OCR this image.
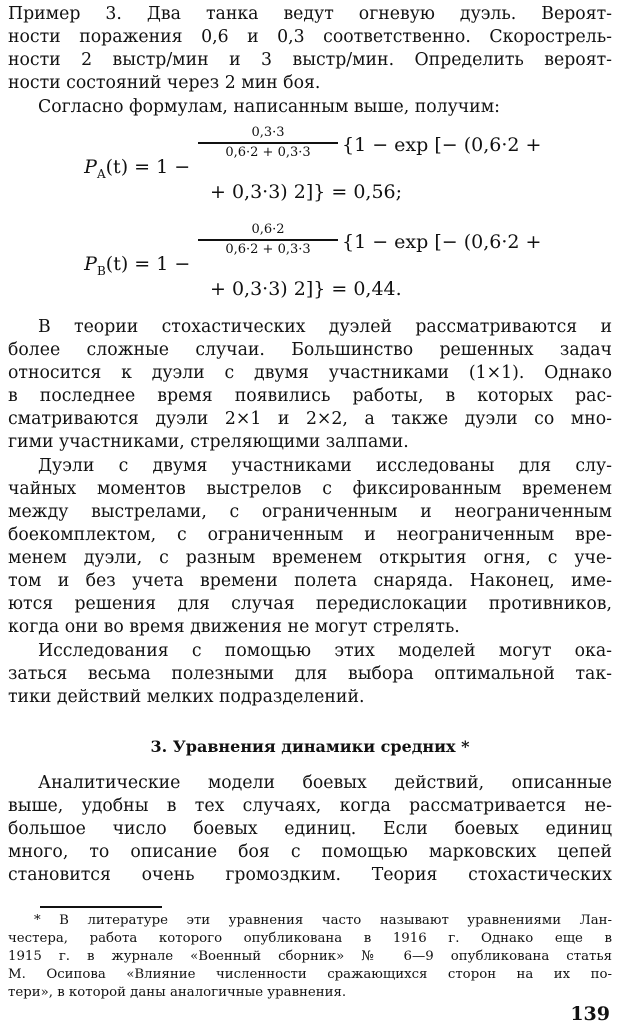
Пример 3. Два танка ведут огневую дуэль. Вероят-
ности поражения 0,6 и 0,3 соответственно. Скорострель-
ности 2 выстр/мин и 3 выстр/мин. Определить вероят-
ности состояний через 2 мин боя.
Согласно формулам, написанным выше, получим:

$P_A(t) = 1$ −

0,3·3
0,6·2 + 0,3·3	{1 − exp [− (0,6·2 +
+ 0,3·3) 2]} = 0,56;

$P_B(t) = 1$ −

0,6·2
0,6·2 + 0,3·3	{1 − exp [− (0,6·2 +
+ 0,3·3) 2]} = 0,44.
В теории стохастических дуэлей рассматриваются и
более сложные случаи. Большинство решенных задач
относится к дуэли с двумя участниками (1×1). Однако
в последнее время появились работы, в которых рас-
сматриваются дуэли 2×1 и 2×2, а также дуэли со мно-
гими участниками, стреляющими залпами.
Дуэли с двумя участниками исследованы для слу-
чайных моментов выстрелов с фиксированным временем
между выстрелами, с ограниченным и неограниченным
боекомплектом, с ограниченным и неограниченным вре-
менем дуэли, с разным временем открытия огня, с уче-
том и без учета времени полета снаряда. Наконец, име-
ются решения для случая передислокации противников,
когда они во время движения не могут стрелять.
Исследования с помощью этих моделей могут ока-
заться весьма полезными для выбора оптимальной так-
тики действий мелких подразделений.
3. Уравнения динамики средних *
Аналитические модели боевых действий, описанные
выше, удобны в тех случаях, когда рассматривается не-
большое число боевых единиц. Если боевых единиц
много, то описание боя с помощью марковских цепей
становится очень громоздким. Теория стохастических
* В литературе эти уравнения часто называют уравнениями Лан-
честера, работа которого опубликована в 1916 г. Однако еще в
1915 г. в журнале «Военный сборник» № 6—9 опубликована статья
М. Осипова «Влияние численности сражающихся сторон на их по-
тери», в которой даны аналогичные уравнения.
139
